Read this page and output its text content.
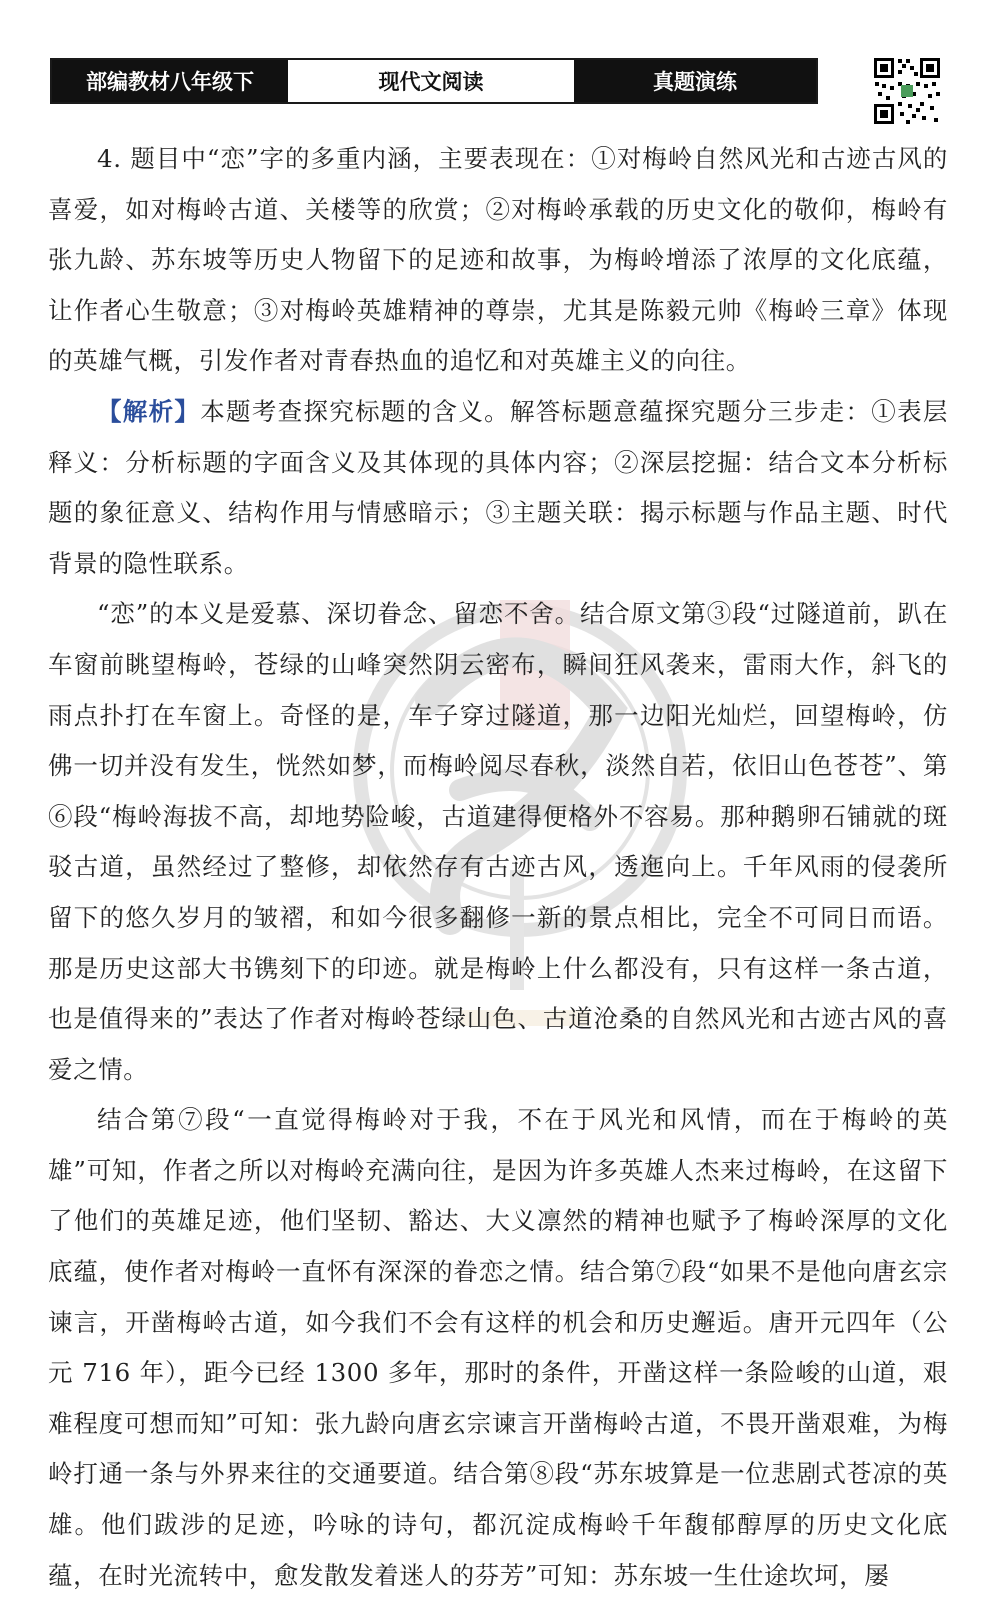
部编教材八年级下	现代文阅读	真题演练

4. 题目中“恋”字的多重内涵，主要表现在：①对梅岭自然风光和古迹古风的喜爱，如对梅岭古道、关楼等的欣赏；②对梅岭承载的历史文化的敬仰，梅岭有张九龄、苏东坡等历史人物留下的足迹和故事，为梅岭增添了浓厚的文化底蕴，让作者心生敬意；③对梅岭英雄精神的尊崇，尤其是陈毅元帅《梅岭三章》体现的英雄气概，引发作者对青春热血的追忆和对英雄主义的向往。

【解析】本题考查探究标题的含义。解答标题意蕴探究题分三步走：①表层释义：分析标题的字面含义及其体现的具体内容；②深层挖掘：结合文本分析标题的象征意义、结构作用与情感暗示；③主题关联：揭示标题与作品主题、时代背景的隐性联系。

“恋”的本义是爱慕、深切眷念、留恋不舍。结合原文第③段“过隧道前，趴在车窗前眺望梅岭，苍绿的山峰突然阴云密布，瞬间狂风袭来，雷雨大作，斜飞的雨点扑打在车窗上。奇怪的是，车子穿过隧道，那一边阳光灿烂，回望梅岭，仿佛一切并没有发生，恍然如梦，而梅岭阅尽春秋，淡然自若，依旧山色苍苍”、第⑥段“梅岭海拔不高，却地势险峻，古道建得便格外不容易。那种鹅卵石铺就的斑驳古道，虽然经过了整修，却依然存有古迹古风，透迤向上。千年风雨的侵袭所留下的悠久岁月的皱褶，和如今很多翻修一新的景点相比，完全不可同日而语。那是历史这部大书镌刻下的印迹。就是梅岭上什么都没有，只有这样一条古道，也是值得来的”表达了作者对梅岭苍绿山色、古道沧桑的自然风光和古迹古风的喜爱之情。

结合第⑦段“一直觉得梅岭对于我，不在于风光和风情，而在于梅岭的英雄”可知，作者之所以对梅岭充满向往，是因为许多英雄人杰来过梅岭，在这留下了他们的英雄足迹，他们坚韧、豁达、大义凛然的精神也赋予了梅岭深厚的文化底蕴，使作者对梅岭一直怀有深深的眷恋之情。结合第⑦段“如果不是他向唐玄宗谏言，开凿梅岭古道，如今我们不会有这样的机会和历史邂逅。唐开元四年（公元 716 年），距今已经 1300 多年，那时的条件，开凿这样一条险峻的山道，艰难程度可想而知”可知：张九龄向唐玄宗谏言开凿梅岭古道，不畏开凿艰难，为梅岭打通一条与外界来往的交通要道。结合第⑧段“苏东坡算是一位悲剧式苍凉的英雄。他们跋涉的足迹，吟咏的诗句，都沉淀成梅岭千年馥郁醇厚的历史文化底蕴，在时光流转中，愈发散发着迷人的芬芳”可知：苏东坡一生仕途坎坷，屡
